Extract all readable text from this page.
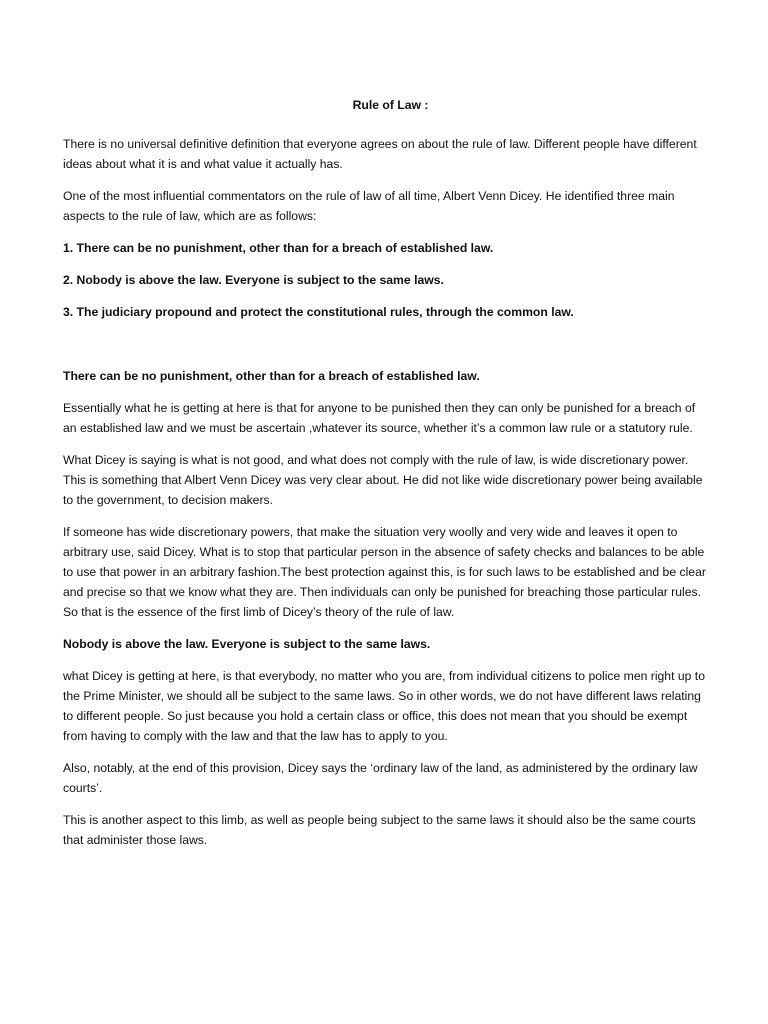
Rule of Law :

There is no universal definitive definition that everyone agrees on about the rule of law. Different people have different ideas about what it is and what value it actually has.

One of the most influential commentators on the rule of law of all time, Albert Venn Dicey. He identified three main aspects to the rule of law, which are as follows:

1. There can be no punishment, other than for a breach of established law.

2. Nobody is above the law. Everyone is subject to the same laws.

3. The judiciary propound and protect the constitutional rules, through the common law.

There can be no punishment, other than for a breach of established law.

Essentially what he is getting at here is that for anyone to be punished then they can only be punished for a breach of an established law and we must be ascertain ,whatever its source, whether it’s a common law rule or a statutory rule.

What Dicey is saying is what is not good, and what does not comply with the rule of law, is wide discretionary power. This is something that Albert Venn Dicey was very clear about. He did not like wide discretionary power being available to the government, to decision makers.

If someone has wide discretionary powers, that make the situation very woolly and very wide and leaves it open to arbitrary use, said Dicey. What is to stop that particular person in the absence of safety checks and balances to be able to use that power in an arbitrary fashion.The best protection against this, is for such laws to be established and be clear and precise so that we know what they are. Then individuals can only be punished for breaching those particular rules. So that is the essence of the first limb of Dicey’s theory of the rule of law.

Nobody is above the law. Everyone is subject to the same laws.

what Dicey is getting at here, is that everybody, no matter who you are, from individual citizens to police men right up to the Prime Minister, we should all be subject to the same laws. So in other words, we do not have different laws relating to different people. So just because you hold a certain class or office, this does not mean that you should be exempt from having to comply with the law and that the law has to apply to you.

Also, notably, at the end of this provision, Dicey says the ‘ordinary law of the land, as administered by the ordinary law courts’.

This is another aspect to this limb, as well as people being subject to the same laws it should also be the same courts that administer those laws.
